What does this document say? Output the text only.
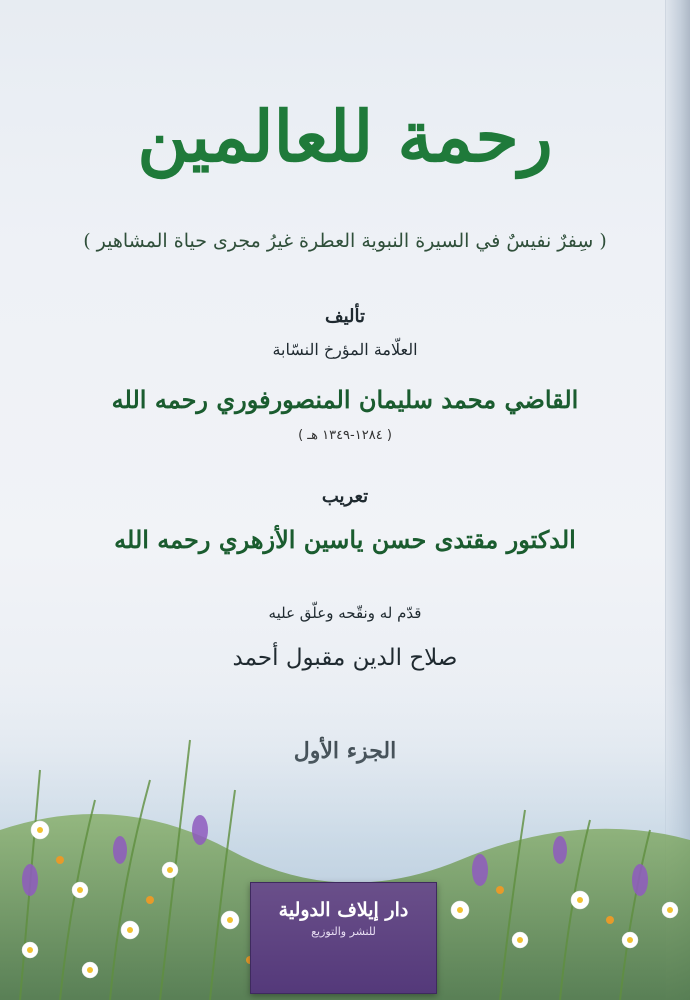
رحمة للعالمين
( سِفرٌ نفيسٌ في السيرة النبوية العطرة غيرُ مجرى حياة المشاهير )
تأليف
العلّامة المؤرخ النسّابة
القاضي محمد سليمان المنصورفوري رحمه الله
( ١٢٨٤-١٣٤٩ هـ )
تعريب
الدكتور مقتدى حسن ياسين الأزهري رحمه الله
قدّم له ونقّحه وعلّق عليه
صلاح الدين مقبول أحمد
دار إيلاف الدولية
للنشر والتوزيع
